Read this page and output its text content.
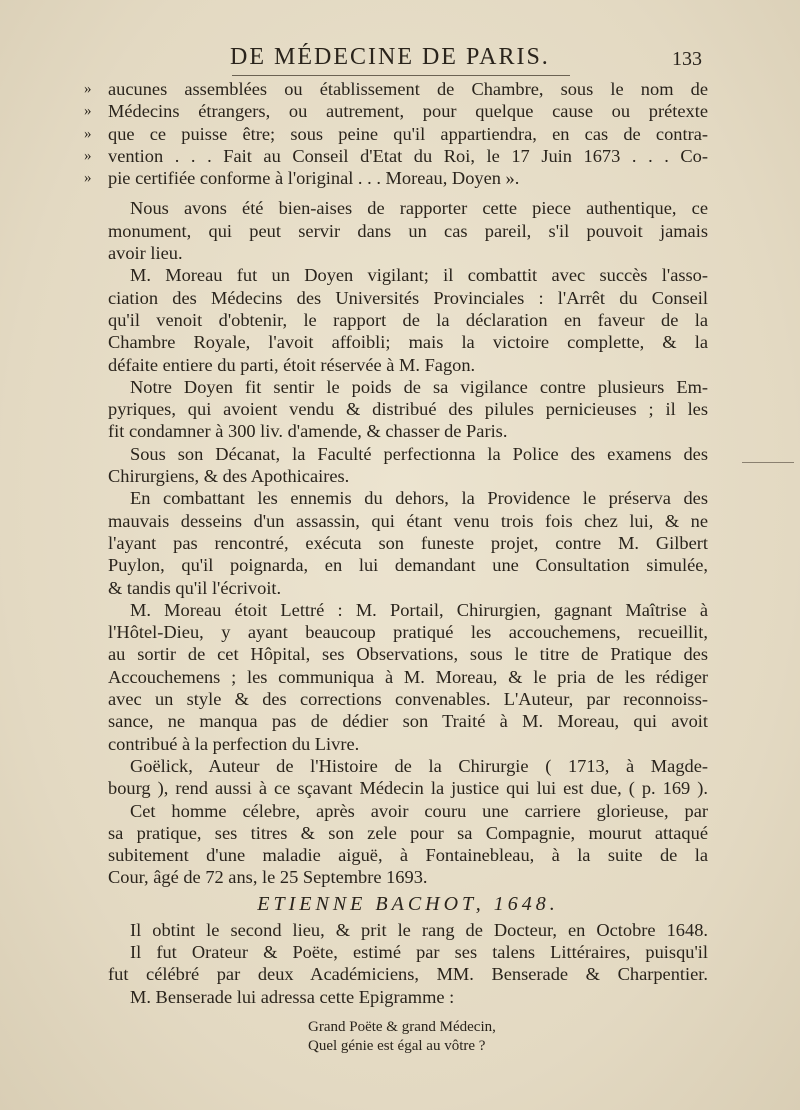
DE MÉDECINE DE PARIS.	133
» aucunes assemblées ou établissement de Chambre, sous le nom de
» Médecins étrangers, ou autrement, pour quelque cause ou prétexte
» que ce puisse être; sous peine qu'il appartiendra, en cas de contra-
» vention . . . Fait au Conseil d'Etat du Roi, le 17 Juin 1673 . . . Co-
» pie certifiée conforme à l'original . . . Moreau, Doyen ».
Nous avons été bien-aises de rapporter cette piece authentique, ce
monument, qui peut servir dans un cas pareil, s'il pouvoit jamais
avoir lieu.
M. Moreau fut un Doyen vigilant; il combattit avec succès l'asso-
ciation des Médecins des Universités Provinciales : l'Arrêt du Conseil
qu'il venoit d'obtenir, le rapport de la déclaration en faveur de la
Chambre Royale, l'avoit affoibli; mais la victoire complette, & la
défaite entiere du parti, étoit réservée à M. Fagon.
Notre Doyen fit sentir le poids de sa vigilance contre plusieurs Em-
pyriques, qui avoient vendu & distribué des pilules pernicieuses ; il les
fit condamner à 300 liv. d'amende, & chasser de Paris.
Sous son Décanat, la Faculté perfectionna la Police des examens des
Chirurgiens, & des Apothicaires.
En combattant les ennemis du dehors, la Providence le préserva des
mauvais desseins d'un assassin, qui étant venu trois fois chez lui, & ne
l'ayant pas rencontré, exécuta son funeste projet, contre M. Gilbert
Puylon, qu'il poignarda, en lui demandant une Consultation simulée,
& tandis qu'il l'écrivoit.
M. Moreau étoit Lettré : M. Portail, Chirurgien, gagnant Maîtrise à
l'Hôtel-Dieu, y ayant beaucoup pratiqué les accouchemens, recueillit,
au sortir de cet Hôpital, ses Observations, sous le titre de Pratique des
Accouchemens ; les communiqua à M. Moreau, & le pria de les rédiger
avec un style & des corrections convenables. L'Auteur, par reconnoiss-
sance, ne manqua pas de dédier son Traité à M. Moreau, qui avoit
contribué à la perfection du Livre.
Goëlick, Auteur de l'Histoire de la Chirurgie ( 1713, à Magde-
bourg ), rend aussi à ce sçavant Médecin la justice qui lui est due, ( p. 169 ).
Cet homme célebre, après avoir couru une carriere glorieuse, par
sa pratique, ses titres & son zele pour sa Compagnie, mourut attaqué
subitement d'une maladie aiguë, à Fontainebleau, à la suite de la
Cour, âgé de 72 ans, le 25 Septembre 1693.
ETIENNE BACHOT, 1648.
Il obtint le second lieu, & prit le rang de Docteur, en Octobre 1648.
Il fut Orateur & Poëte, estimé par ses talens Littéraires, puisqu'il
fut célébré par deux Académiciens, MM. Benserade & Charpentier.
M. Benserade lui adressa cette Epigramme :
Grand Poëte & grand Médecin,
Quel génie est égal au vôtre ?
